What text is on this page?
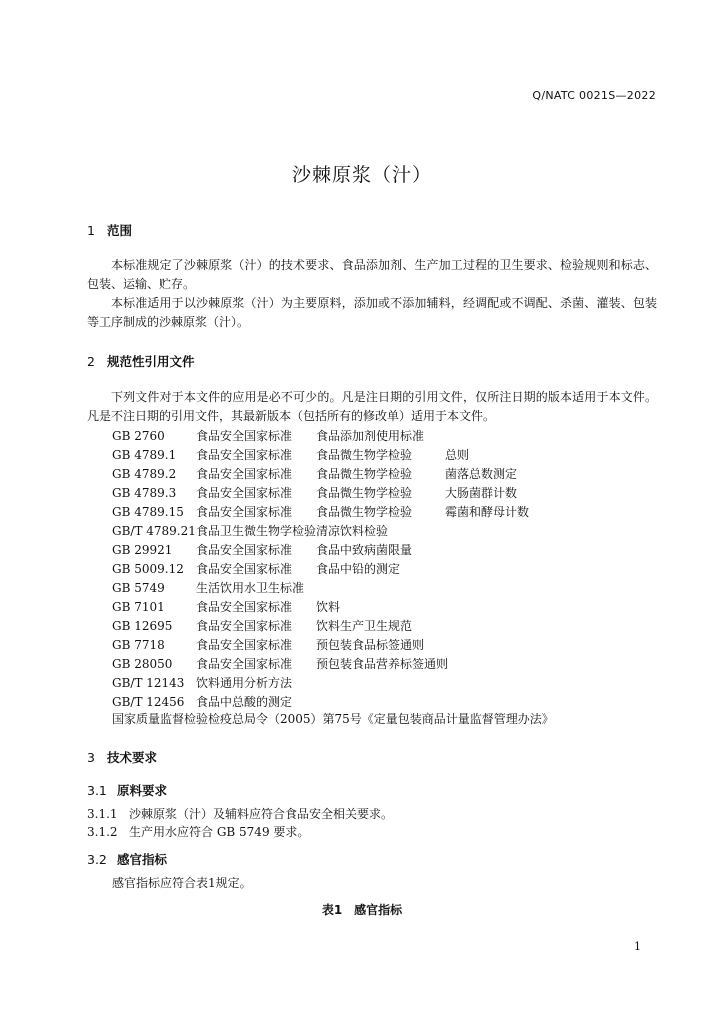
Q/NATC 0021S—2022
沙棘原浆（汁）
1 范围
本标准规定了沙棘原浆（汁）的技术要求、食品添加剂、生产加工过程的卫生要求、检验规则和标志、包装、运输、贮存。
本标准适用于以沙棘原浆（汁）为主要原料，添加或不添加辅料，经调配或不调配、杀菌、灌装、包装等工序制成的沙棘原浆（汁）。
2 规范性引用文件
下列文件对于本文件的应用是必不可少的。凡是注日期的引用文件，仅所注日期的版本适用于本文件。凡是不注日期的引用文件，其最新版本（包括所有的修改单）适用于本文件。
GB 2760	食品安全国家标准 食品添加剂使用标准
GB 4789.1 食品安全国家标准 食品微生物学检验	总则
GB 4789.2 食品安全国家标准 食品微生物学检验	菌落总数测定
GB 4789.3 食品安全国家标准 食品微生物学检验	大肠菌群计数
GB 4789.15 食品安全国家标准 食品微生物学检验	霉菌和酵母计数
GB/T 4789.21 食品卫生微生物学检验 清凉饮料检验
GB 29921 食品安全国家标准 食品中致病菌限量
GB 5009.12 食品安全国家标准 食品中铅的测定
GB 5749	生活饮用水卫生标准
GB 7101	食品安全国家标准 饮料
GB 12695 食品安全国家标准 饮料生产卫生规范
GB 7718	食品安全国家标准 预包装食品标签通则
GB 28050 食品安全国家标准 预包装食品营养标签通则
GB/T 12143 饮料通用分析方法
GB/T 12456 食品中总酸的测定
国家质量监督检验检疫总局令（2005）第75号《定量包装商品计量监督管理办法》
3 技术要求
3.1 原料要求
3.1.1 沙棘原浆（汁）及辅料应符合食品安全相关要求。
3.1.2 生产用水应符合 GB 5749 要求。
3.2 感官指标
感官指标应符合表1规定。
表1　感官指标
1
